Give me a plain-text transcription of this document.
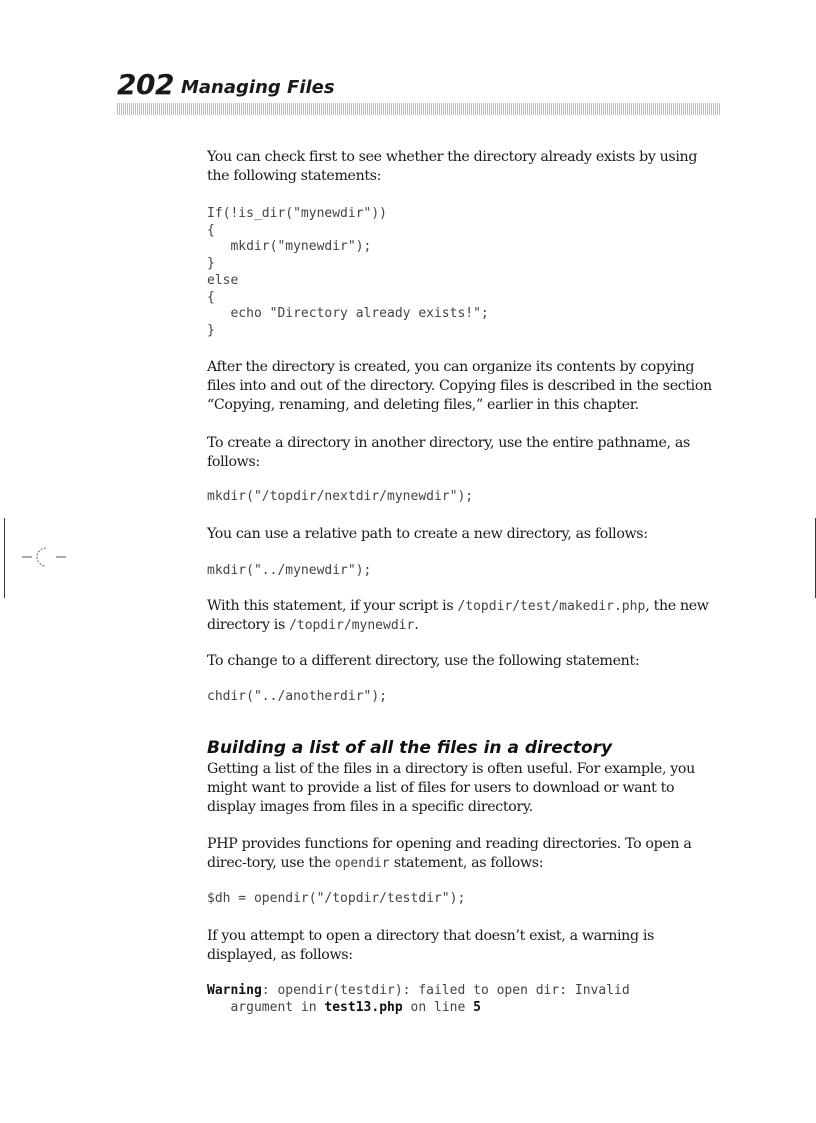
202 Managing Files

You can check first to see whether the directory already exists by using the following statements:

If(!is_dir("mynewdir"))
{
mkdir("mynewdir");
}
else
{
echo "Directory already exists!";
}

After the directory is created, you can organize its contents by copying files into and out of the directory. Copying files is described in the section “Copying, renaming, and deleting files,” earlier in this chapter.

To create a directory in another directory, use the entire pathname, as follows:

mkdir("/topdir/nextdir/mynewdir");

You can use a relative path to create a new directory, as follows:

mkdir("../mynewdir");

With this statement, if your script is /topdir/test/makedir.php, the new directory is /topdir/mynewdir.

To change to a different directory, use the following statement:

chdir("../anotherdir");
Building a list of all the files in a directory

Getting a list of the files in a directory is often useful. For example, you might want to provide a list of files for users to download or want to display images from files in a specific directory.

PHP provides functions for opening and reading directories. To open a direc-tory, use the opendir statement, as follows:

$dh = opendir("/topdir/testdir");

If you attempt to open a directory that doesn’t exist, a warning is displayed, as follows:

Warning: opendir(testdir): failed to open dir: Invalid
argument in test13.php on line 5
